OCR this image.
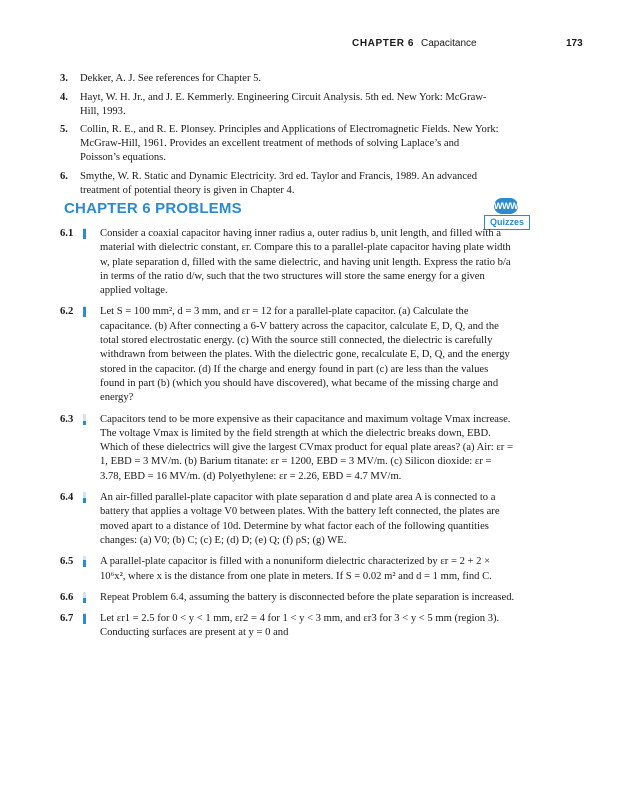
CHAPTER 6 Capacitance	173
3. Dekker, A. J. See references for Chapter 5.
4. Hayt, W. H. Jr., and J. E. Kemmerly. Engineering Circuit Analysis. 5th ed. New York: McGraw-Hill, 1993.
5. Collin, R. E., and R. E. Plonsey. Principles and Applications of Electromagnetic Fields. New York: McGraw-Hill, 1961. Provides an excellent treatment of methods of solving Laplace’s and Poisson’s equations.
6. Smythe, W. R. Static and Dynamic Electricity. 3rd ed. Taylor and Francis, 1989. An advanced treatment of potential theory is given in Chapter 4.
CHAPTER 6 PROBLEMS	WWW
Quizzes
6.1	Consider a coaxial capacitor having inner radius a, outer radius b, unit length, and filled with a material with dielectric constant, εr. Compare this to a parallel-plate capacitor having plate width w, plate separation d, filled with the same dielectric, and having unit length. Express the ratio b/a in terms of the ratio d/w, such that the two structures will store the same energy for a given applied voltage.
6.2	Let S = 100 mm², d = 3 mm, and εr = 12 for a parallel-plate capacitor. (a) Calculate the capacitance. (b) After connecting a 6-V battery across the capacitor, calculate E, D, Q, and the total stored electrostatic energy. (c) With the source still connected, the dielectric is carefully withdrawn from between the plates. With the dielectric gone, recalculate E, D, Q, and the energy stored in the capacitor. (d) If the charge and energy found in part (c) are less than the values found in part (b) (which you should have discovered), what became of the missing charge and energy?
6.3	Capacitors tend to be more expensive as their capacitance and maximum voltage Vmax increase. The voltage Vmax is limited by the field strength at which the dielectric breaks down, EBD. Which of these dielectrics will give the largest CVmax product for equal plate areas? (a) Air: εr = 1, EBD = 3 MV/m. (b) Barium titanate: εr = 1200, EBD = 3 MV/m. (c) Silicon dioxide: εr = 3.78, EBD = 16 MV/m. (d) Polyethylene: εr = 2.26, EBD = 4.7 MV/m.
6.4	An air-filled parallel-plate capacitor with plate separation d and plate area A is connected to a battery that applies a voltage V0 between plates. With the battery left connected, the plates are moved apart to a distance of 10d. Determine by what factor each of the following quantities changes: (a) V0; (b) C; (c) E; (d) D; (e) Q; (f) ρS; (g) WE.
6.5	A parallel-plate capacitor is filled with a nonuniform dielectric characterized by εr = 2 + 2 × 10⁶x², where x is the distance from one plate in meters. If S = 0.02 m² and d = 1 mm, find C.
6.6	Repeat Problem 6.4, assuming the battery is disconnected before the plate separation is increased.
6.7	Let εr1 = 2.5 for 0 < y < 1 mm, εr2 = 4 for 1 < y < 3 mm, and εr3 for 3 < y < 5 mm (region 3). Conducting surfaces are present at y = 0 and
